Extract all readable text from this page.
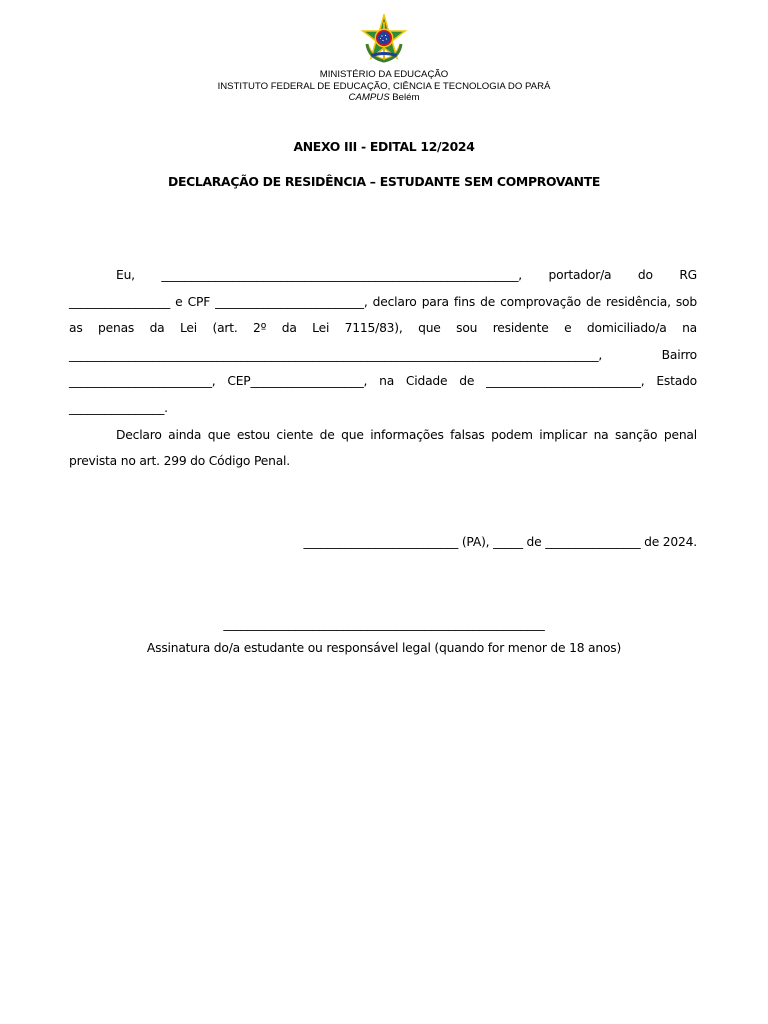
MINISTÉRIO DA EDUCAÇÃO
INSTITUTO FEDERAL DE EDUCAÇÃO, CIÊNCIA E TECNOLOGIA DO PARÁ
CAMPUS Belém
ANEXO III - EDITAL 12/2024
DECLARAÇÃO DE RESIDÊNCIA – ESTUDANTE SEM COMPROVANTE

Eu, ____________________________________________________________, portador/a do RG _________________ e CPF _________________________, declaro para fins de comprovação de residência, sob as penas da Lei (art. 2º da Lei 7115/83), que sou residente e domiciliado/a na _________________________________________________________________________________________, Bairro ________________________, CEP___________________, na Cidade de __________________________, Estado ________________.

Declaro ainda que estou ciente de que informações falsas podem implicar na sanção penal prevista no art. 299 do Código Penal.

__________________________ (PA), _____ de ________________ de 2024.
______________________________________________________
Assinatura do/a estudante ou responsável legal (quando for menor de 18 anos)
